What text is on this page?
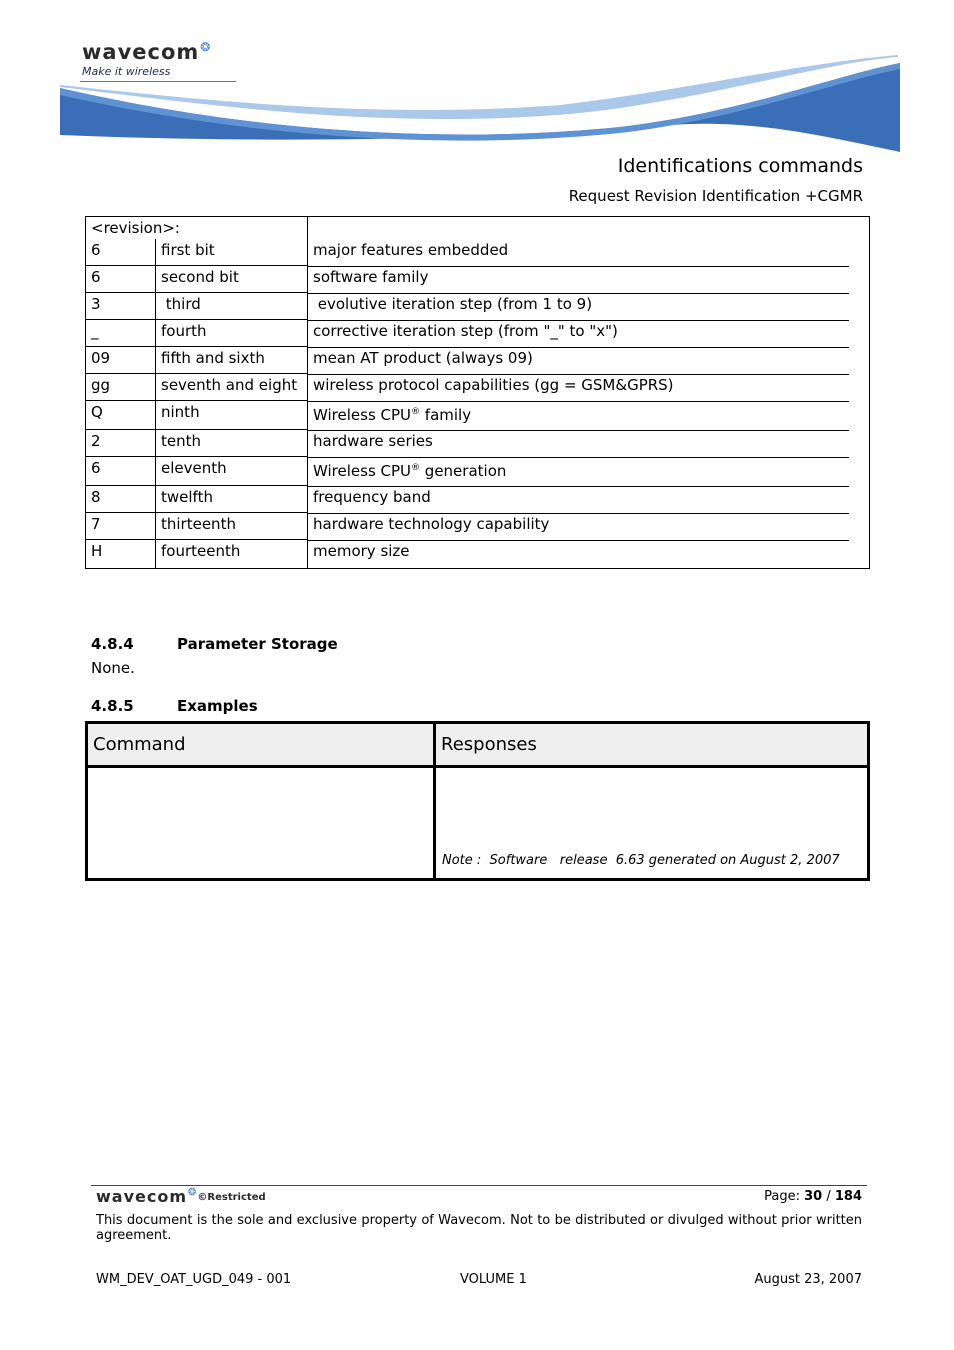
wavecom❂
Make it wireless
Identifications commands
Request Revision Identification +CGMR
<revision>:		
6	first bit	major features embedded
6	second bit	software family
3	third	evolutive iteration step (from 1 to 9)
_	fourth	corrective iteration step (from "_" to "x")
09	fifth and sixth	mean AT product (always 09)
gg	seventh and eight	wireless protocol capabilities (gg = GSM&GPRS)
Q	ninth	Wireless CPU® family
2	tenth	hardware series
6	eleventh	Wireless CPU® generation
8	twelfth	frequency band
7	thirteenth	hardware technology capability
H	fourteenth	memory size
4.8.4	Parameter Storage
None.
4.8.5	Examples
Command	Responses

	Note :  Software   release  6.63 generated on August 2, 2007
wavecom❂©Restricted	Page: 30 / 184
This document is the sole and exclusive property of Wavecom. Not to be distributed or divulged without prior written agreement.
WM_DEV_OAT_UGD_049 - 001	VOLUME 1	August 23, 2007
